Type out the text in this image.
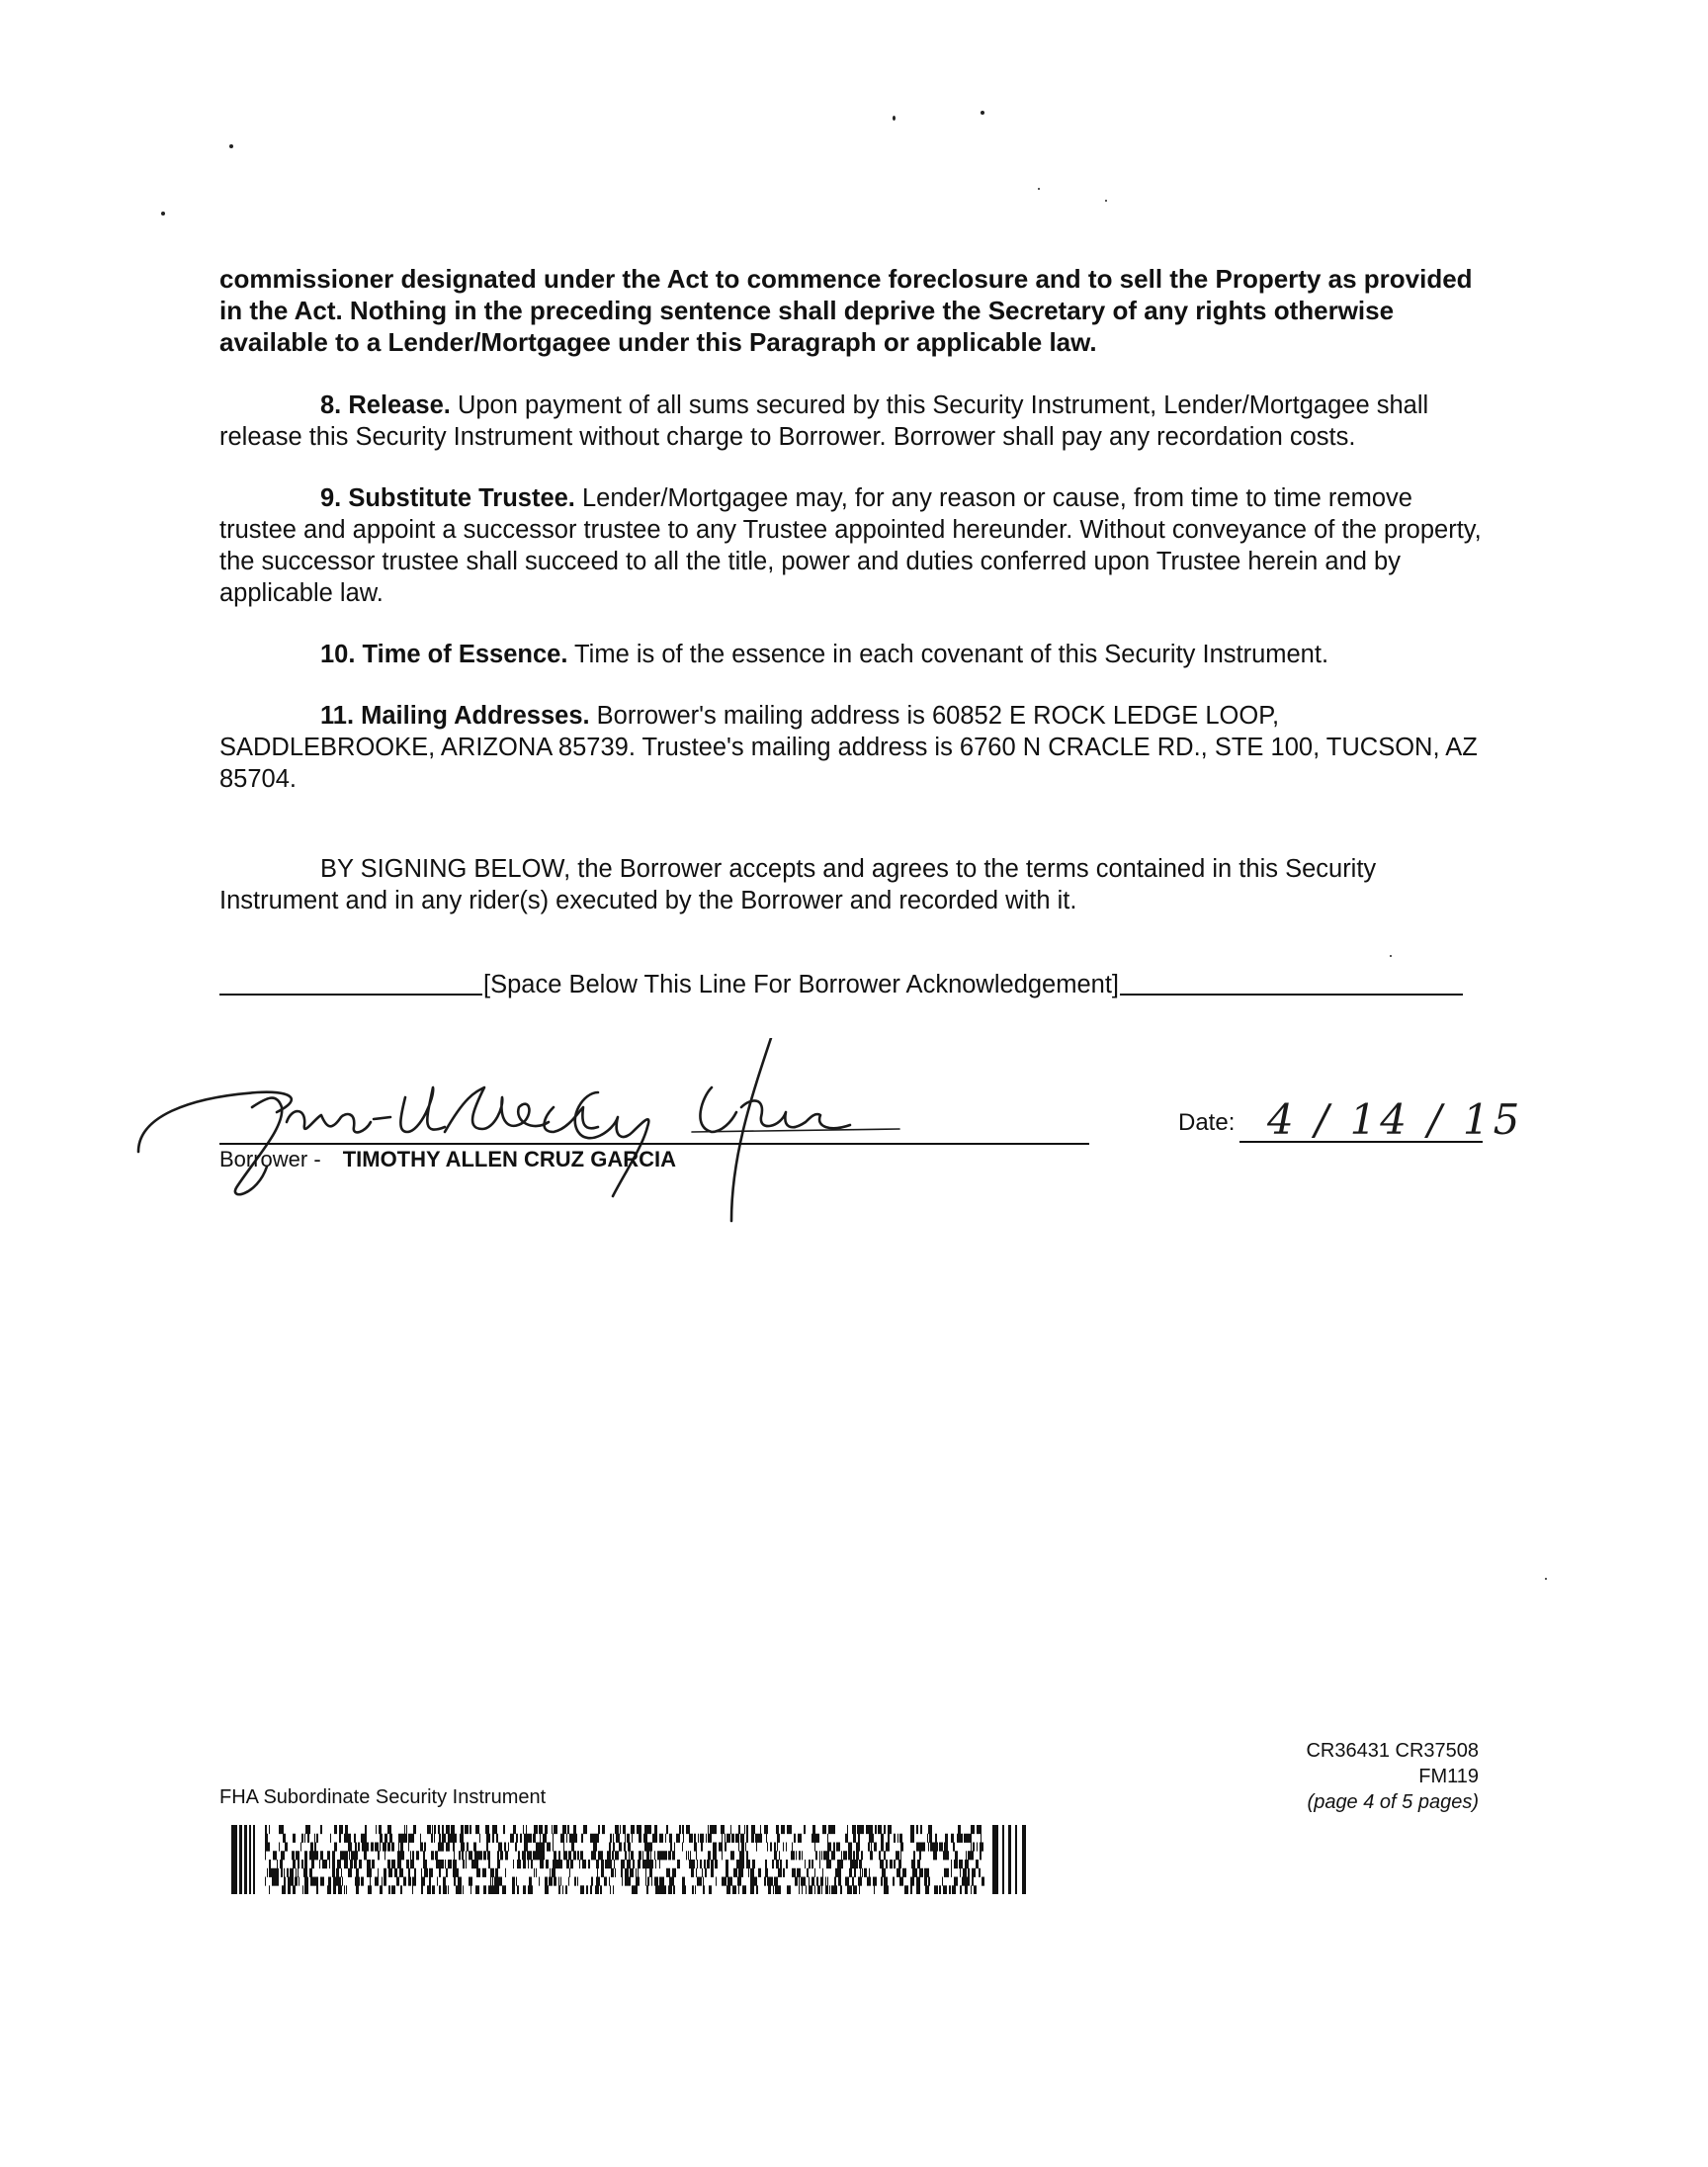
commissioner designated under the Act to commence foreclosure and to sell the Property as provided in the Act. Nothing in the preceding sentence shall deprive the Secretary of any rights otherwise available to a Lender/Mortgagee under this Paragraph or applicable law.
8. Release. Upon payment of all sums secured by this Security Instrument, Lender/Mortgagee shall release this Security Instrument without charge to Borrower. Borrower shall pay any recordation costs.
9. Substitute Trustee. Lender/Mortgagee may, for any reason or cause, from time to time remove trustee and appoint a successor trustee to any Trustee appointed hereunder. Without conveyance of the property, the successor trustee shall succeed to all the title, power and duties conferred upon Trustee herein and by applicable law.
10. Time of Essence. Time is of the essence in each covenant of this Security Instrument.
11. Mailing Addresses. Borrower's mailing address is 60852 E ROCK LEDGE LOOP, SADDLEBROOKE, ARIZONA 85739. Trustee's mailing address is 6760 N CRACLE RD., STE 100, TUCSON, AZ 85704.
BY SIGNING BELOW, the Borrower accepts and agrees to the terms contained in this Security Instrument and in any rider(s) executed by the Borrower and recorded with it.
[Space Below This Line For Borrower Acknowledgement]
Borrower - TIMOTHY ALLEN CRUZ GARCIA
Date: 4 / 14 / 15
CR36431 CR37508
FM119
(page 4 of 5 pages)
FHA Subordinate Security Instrument
